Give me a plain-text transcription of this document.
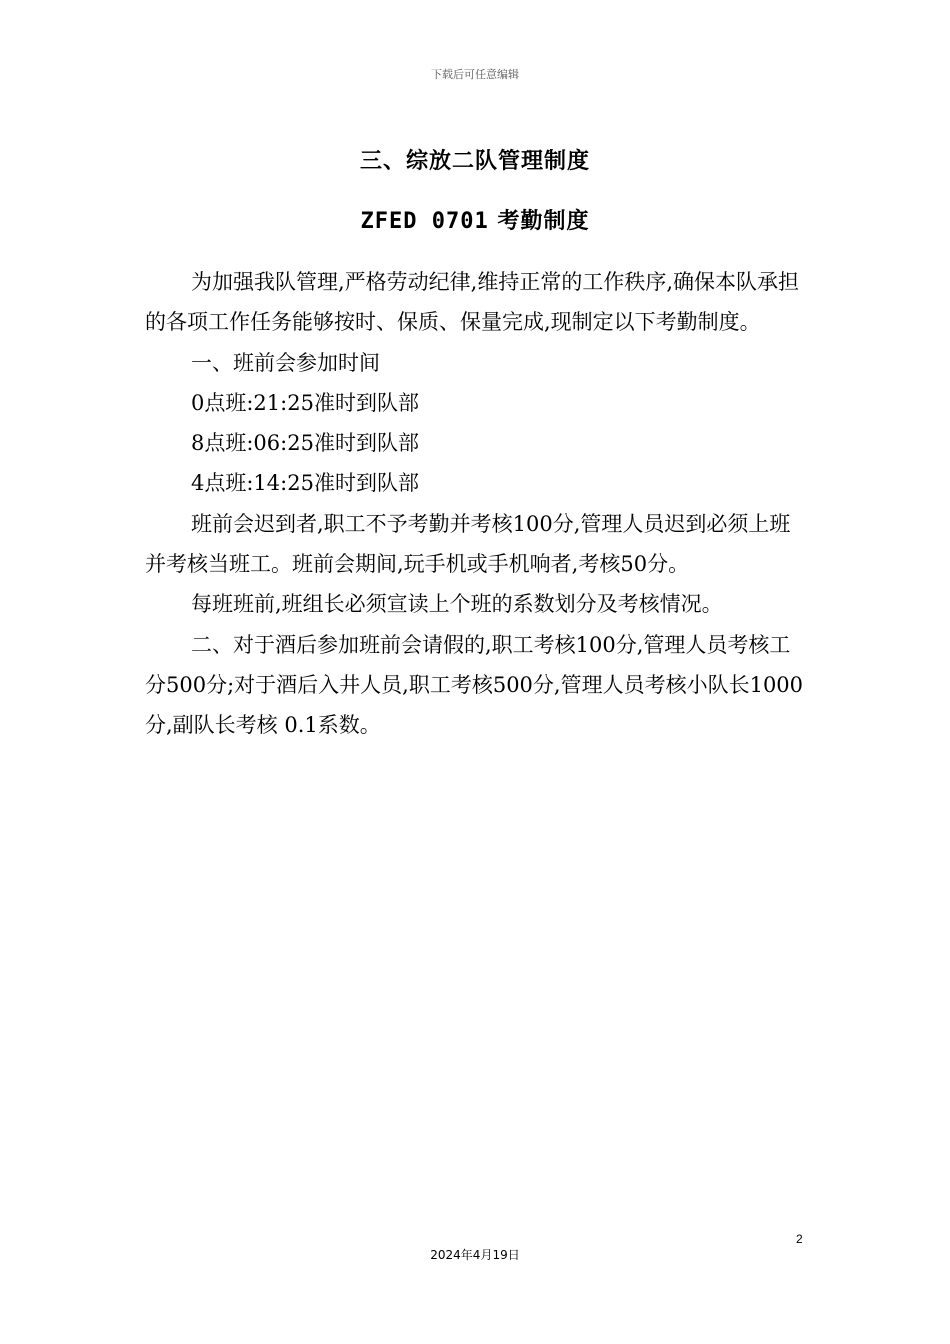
下载后可任意编辑
三、综放二队管理制度
ZFED 0701 考勤制度

为加强我队管理,严格劳动纪律,维持正常的工作秩序,确保本队承担的各项工作任务能够按时、保质、保量完成,现制定以下考勤制度。

一、班前会参加时间

0点班:21:25准时到队部

8点班:06:25准时到队部

4点班:14:25准时到队部

班前会迟到者,职工不予考勤并考核100分,管理人员迟到必须上班并考核当班工。班前会期间,玩手机或手机响者,考核50分。

每班班前,班组长必须宣读上个班的系数划分及考核情况。

二、对于酒后参加班前会请假的,职工考核100分,管理人员考核工分500分;对于酒后入井人员,职工考核500分,管理人员考核小队长1000分,副队长考核 0.1系数。

2
2024年4月19日
